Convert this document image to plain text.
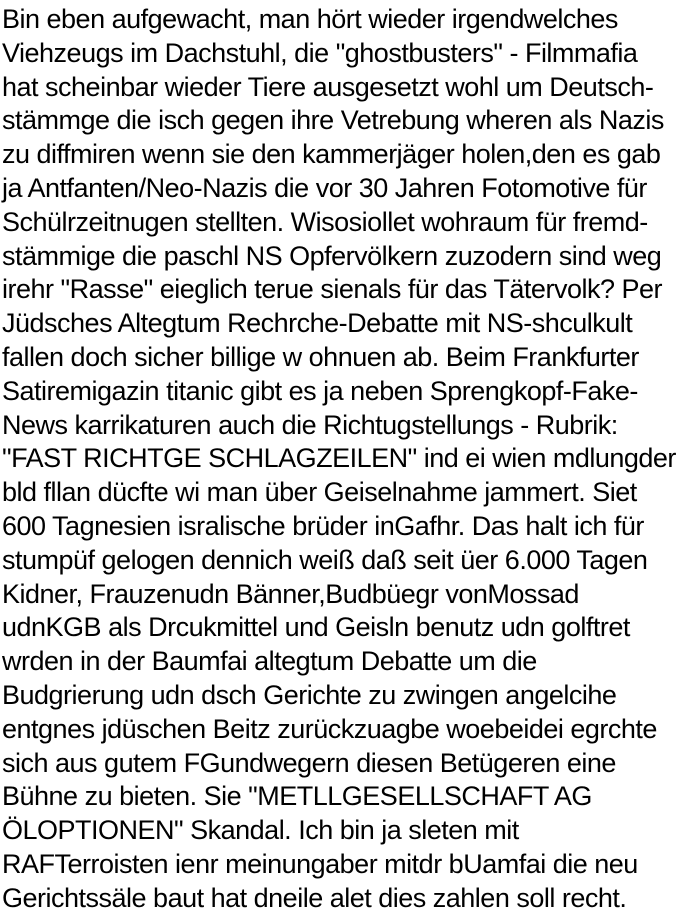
Bin eben aufgewacht, man hört wieder irgendwelches
Viehzeugs im Dachstuhl, die "ghostbusters" - Filmmafia
hat scheinbar wieder Tiere ausgesetzt wohl um Deutsch-
stämmge die isch gegen ihre Vetrebung wheren als Nazis
zu diffmiren wenn sie den kammerjäger holen,den es gab
ja Antfanten/Neo-Nazis die vor 30 Jahren Fotomotive für
Schülrzeitnugen stellten. Wisosiollet wohraum für fremd-
stämmige die paschl NS Opfervölkern zuzodern sind weg
irehr "Rasse" eieglich terue sienals für das Tätervolk? Per
Jüdsches Altegtum Rechrche-Debatte mit NS-shculkult
fallen doch sicher billige w ohnuen ab. Beim Frankfurter
Satiremigazin titanic gibt es ja neben Sprengkopf-Fake-
News karrikaturen auch die Richtugstellungs - Rubrik:
"FAST RICHTGE SCHLAGZEILEN" ind ei wien mdlungder
bld fllan dücfte wi man über Geiselnahme jammert. Siet
600 Tagnesien isralische brüder inGafhr. Das halt ich für
stumpüf gelogen dennich weiß daß seit üer 6.000 Tagen
Kidner, Frauzenudn Bänner,Budbüegr vonMossad
udnKGB als Drcukmittel und Geisln benutz udn golftret
wrden in der Baumfai altegtum Debatte um die
Budgrierung udn dsch Gerichte zu zwingen angelcihe
entgnes jdüschen Beitz zurückzuagbe woebeidei egrchte
sich aus gutem FGundwegern diesen Betügeren eine
Bühne zu bieten. Sie "METLLGESELLSCHAFT AG
ÖLOPTIONEN" Skandal. Ich bin ja sleten mit
RAFTerroisten ienr meinungaber mitdr bUamfai die neu
Gerichtssäle baut hat dneile alet dies zahlen soll recht.
